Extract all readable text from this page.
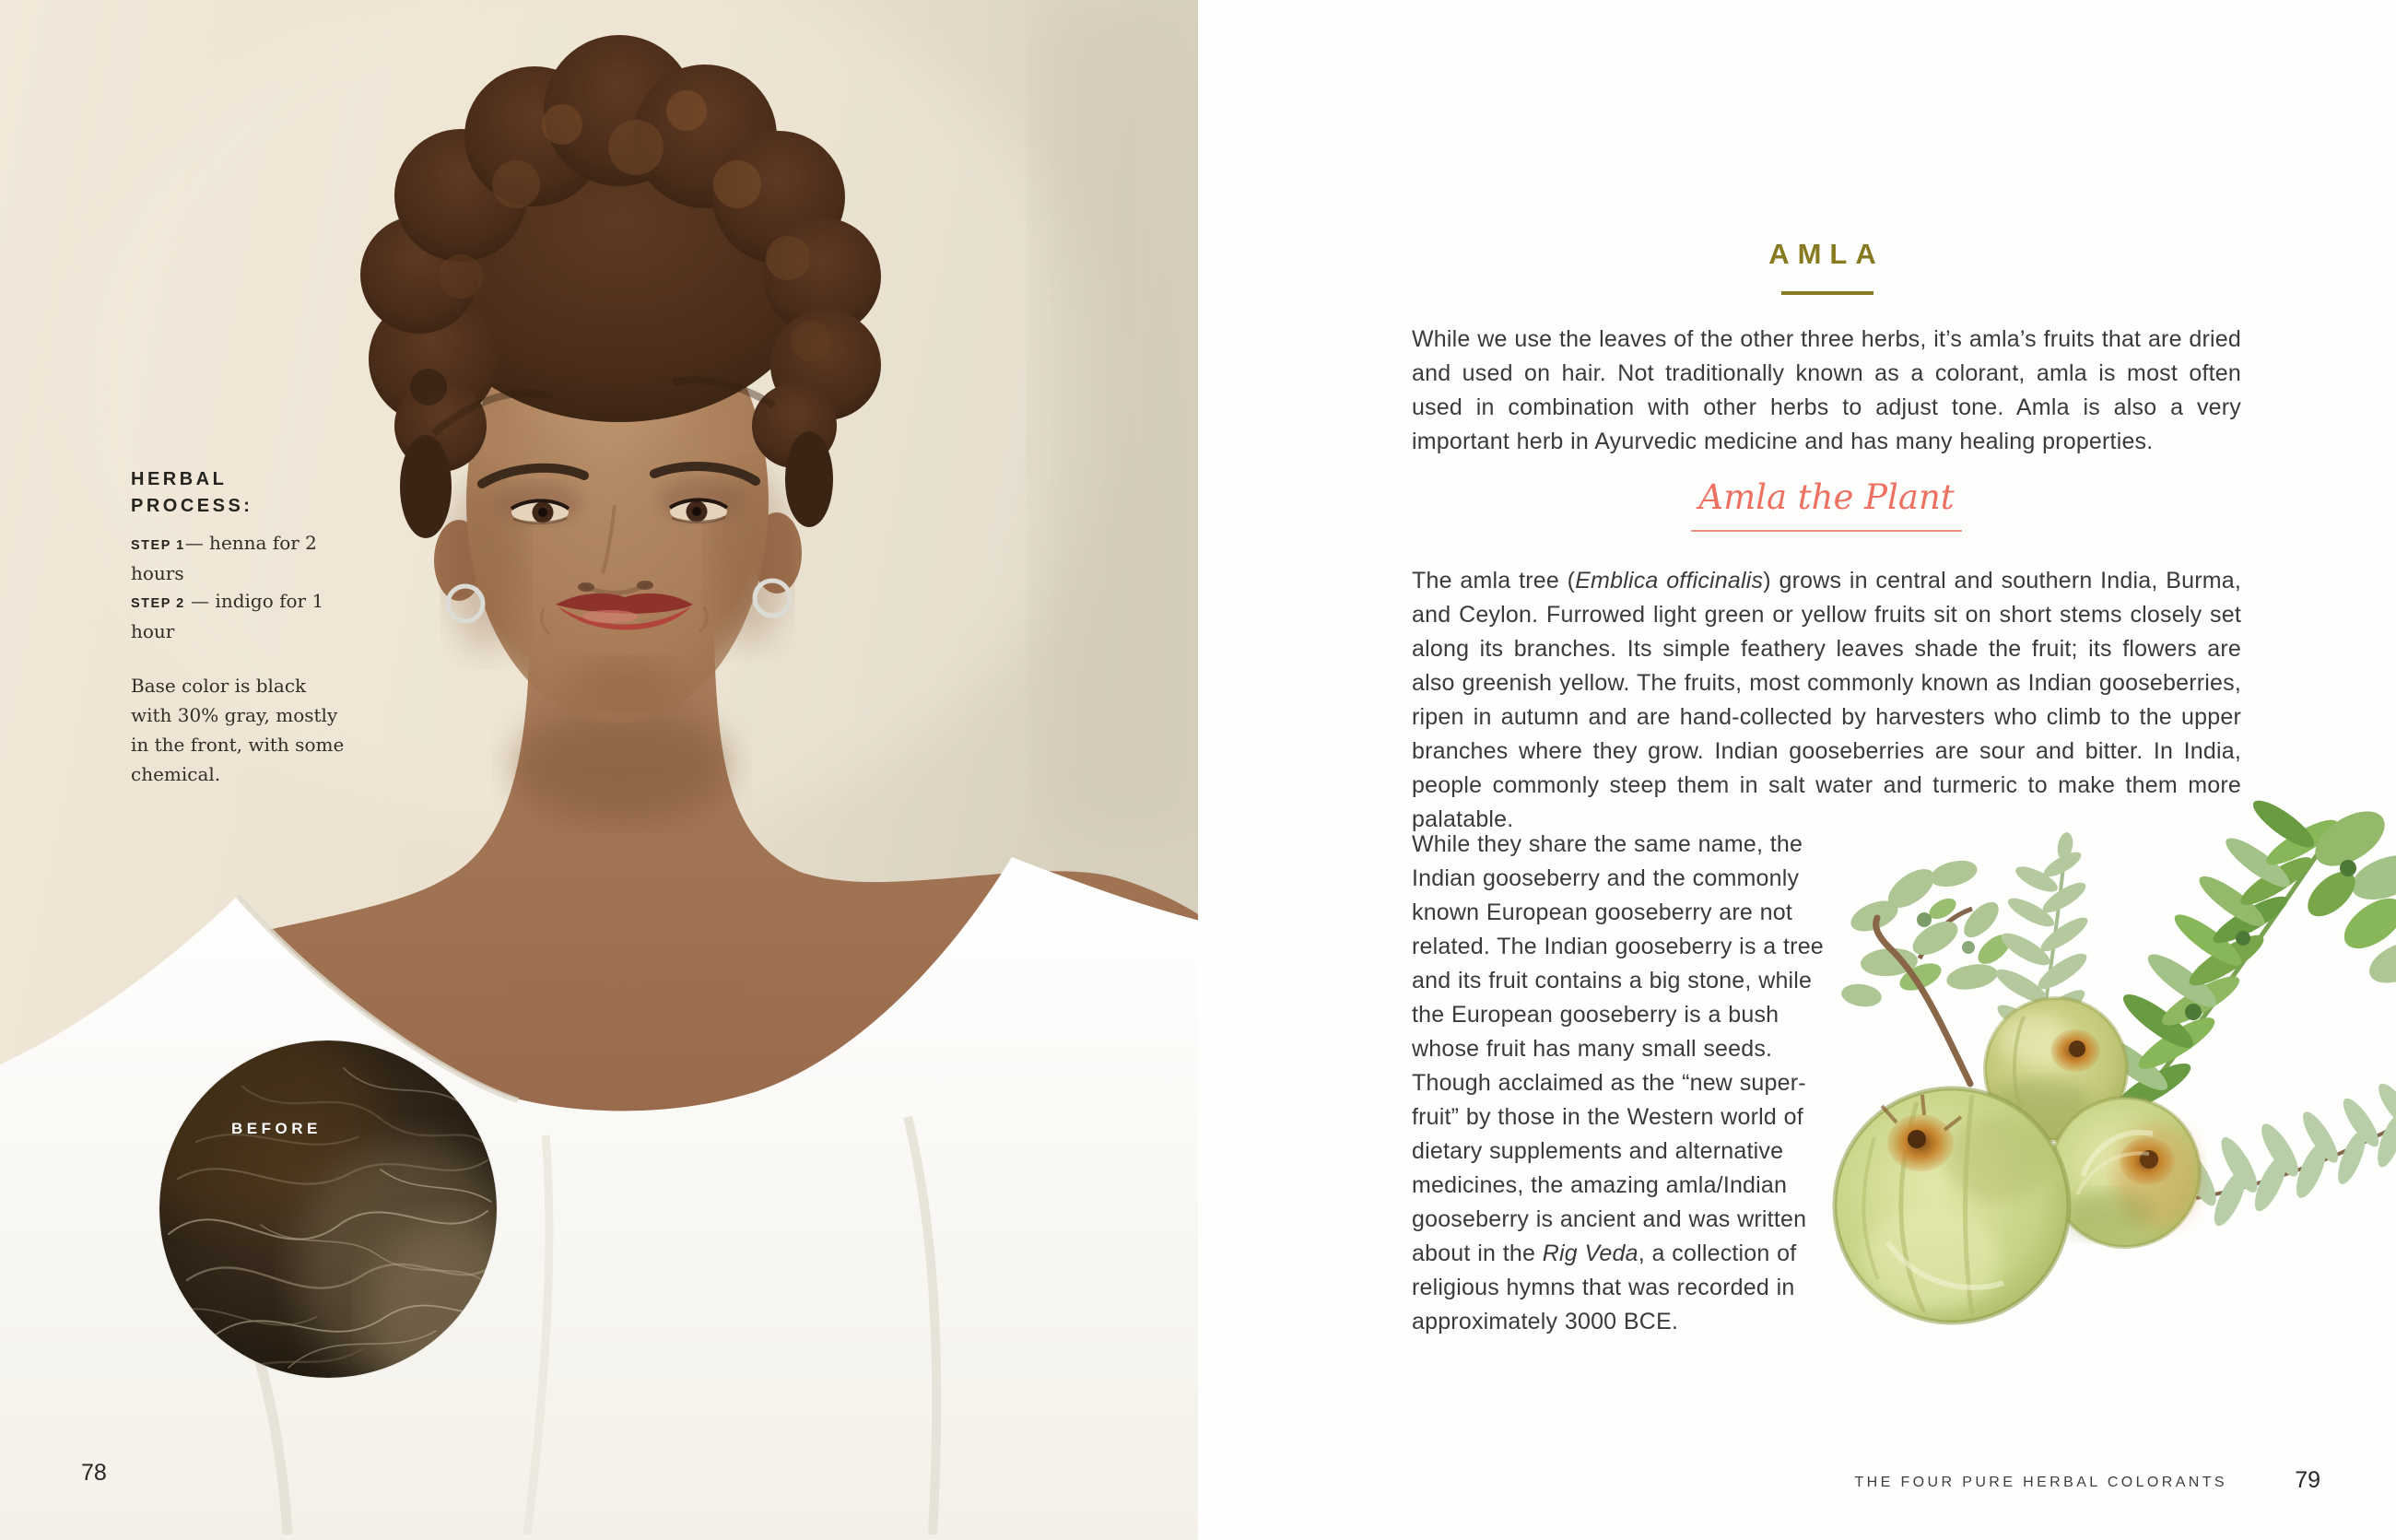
HERBAL
PROCESS:

STEP 1— henna for 2 hours

STEP 2 — indigo for 1 hour

Base color is black with 30% gray, mostly in the front, with some chemical.

BEFORE
78
AMLA

While we use the leaves of the other three herbs, it’s amla’s fruits that are dried and used on hair. Not traditionally known as a colorant, amla is most often used in combination with other herbs to adjust tone. Amla is also a very important herb in Ayurvedic medicine and has many healing properties.

Amla the Plant

The amla tree (Emblica officinalis) grows in central and southern India, Burma, and Ceylon. Furrowed light green or yellow fruits sit on short stems closely set along its branches. Its simple feathery leaves shade the fruit; its flowers are also greenish yellow. The fruits, most commonly known as Indian gooseberries, ripen in autumn and are hand-collected by harvesters who climb to the upper branches where they grow. Indian gooseberries are sour and bitter. In India, people commonly steep them in salt water and turmeric to make them more palatable.

While they share the same name, the Indian gooseberry and the commonly known European gooseberry are not related. The Indian gooseberry is a tree and its fruit contains a big stone, while the European gooseberry is a bush whose fruit has many small seeds. Though acclaimed as the “new super-fruit” by those in the Western world of dietary supplements and alternative medicines, the amazing amla/Indian gooseberry is ancient and was written about in the Rig Veda, a collection of religious hymns that was recorded in approximately 3000 BCE.

THE FOUR PURE HERBAL COLORANTS	79
